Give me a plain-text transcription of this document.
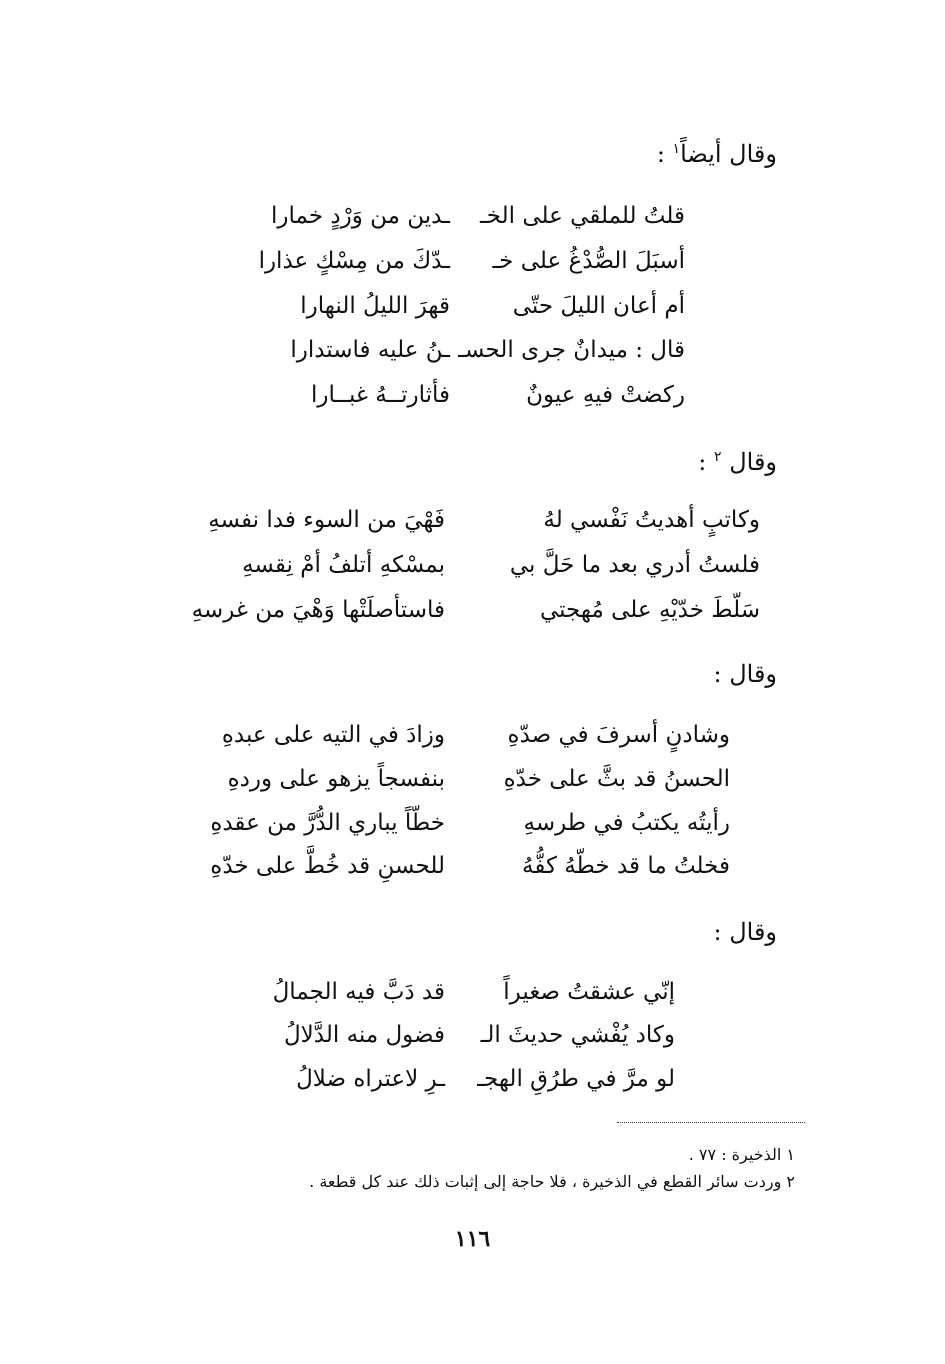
وقال أيضاً$^١$ :
قلتُ للملقي على الخـ
ـدين من وَرْدٍ خمارا
أسبَلَ الصُّدْغُ على خـ
ـدّكَ من مِسْكٍ عذارا
أم أعان الليلَ حتّى
قهرَ الليلُ النهارا
قال : ميدانٌ جرى الحسـ
ـنُ عليه فاستدارا
ركضتْ فيهِ عيونٌ
فأثارتــهُ غبــارا
وقال $^٢$ :
وكاتبٍ أهديتُ نَفْسي لهُ
فَهْيَ من السوء فدا نفسهِ
فلستُ أدري بعد ما حَلَّ بي
بمسْكهِ أتلفُ أمْ نِقسهِ
سَلّطَ خدّيْهِ على مُهجتي
فاستأصلَتْها وَهْيَ من غرسهِ
وقال :
وشادنٍ أسرفَ في صدّهِ
وزادَ في التيه على عبدهِ
الحسنُ قد بثَّ على خدّهِ
بنفسجاً يزهو على وردهِ
رأيتُه يكتبُ في طرسهِ
خطّاً يباري الدُّرَّ من عقدهِ
فخلتُ ما قد خطّهُ كفُّهُ
للحسنِ قد خُطَّ على خدّهِ
وقال :
إنّي عشقتُ صغيراً
قد دَبَّ فيه الجمالُ
وكاد يُفْشي حديثَ الـ
فضول منه الدَّلالُ
لو مرَّ في طرُقِ الهجـ
ـرِ لاعتراه ضلالُ
١ الذخيرة : ٧٧ .
٢ وردت سائر القطع في الذخيرة ، فلا حاجة إلى إثبات ذلك عند كل قطعة .
١١٦
